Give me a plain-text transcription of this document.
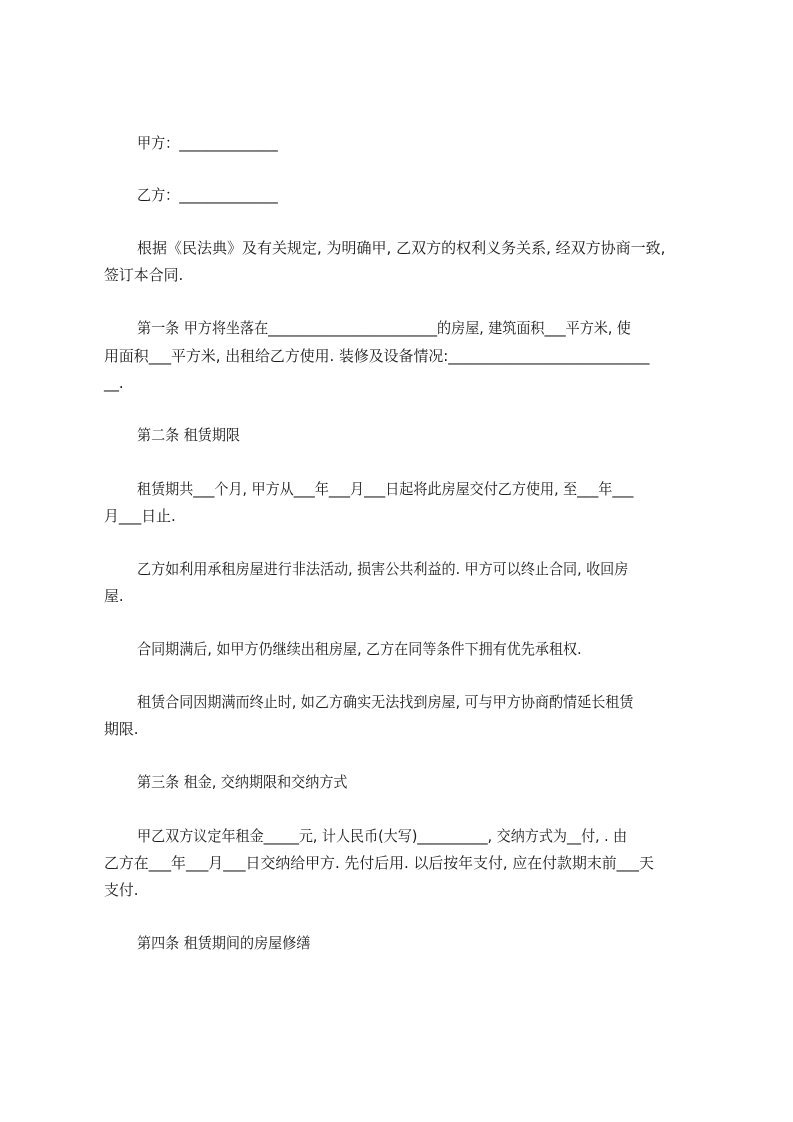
甲方：______________
乙方：______________
根据《民法典》及有关规定, 为明确甲, 乙双方的权利义务关系, 经双方协商一致,
签订本合同.
第一条 甲方将坐落在________________________的房屋, 建筑面积___平方米, 使
用面积___平方米, 出租给乙方使用. 装修及设备情况:___________________________
__.
第二条 租赁期限
租赁期共___个月, 甲方从___年___月___日起将此房屋交付乙方使用, 至___年___
月___日止.
乙方如利用承租房屋进行非法活动, 损害公共利益的. 甲方可以终止合同, 收回房
屋.
合同期满后, 如甲方仍继续出租房屋, 乙方在同等条件下拥有优先承租权.
租赁合同因期满而终止时, 如乙方确实无法找到房屋, 可与甲方协商酌情延长租赁
期限.
第三条 租金, 交纳期限和交纳方式
甲乙双方议定年租金_____元, 计人民币(大写)__________, 交纳方式为__付, . 由
乙方在___年___月___日交纳给甲方. 先付后用. 以后按年支付, 应在付款期末前___天
支付.
第四条 租赁期间的房屋修缮
